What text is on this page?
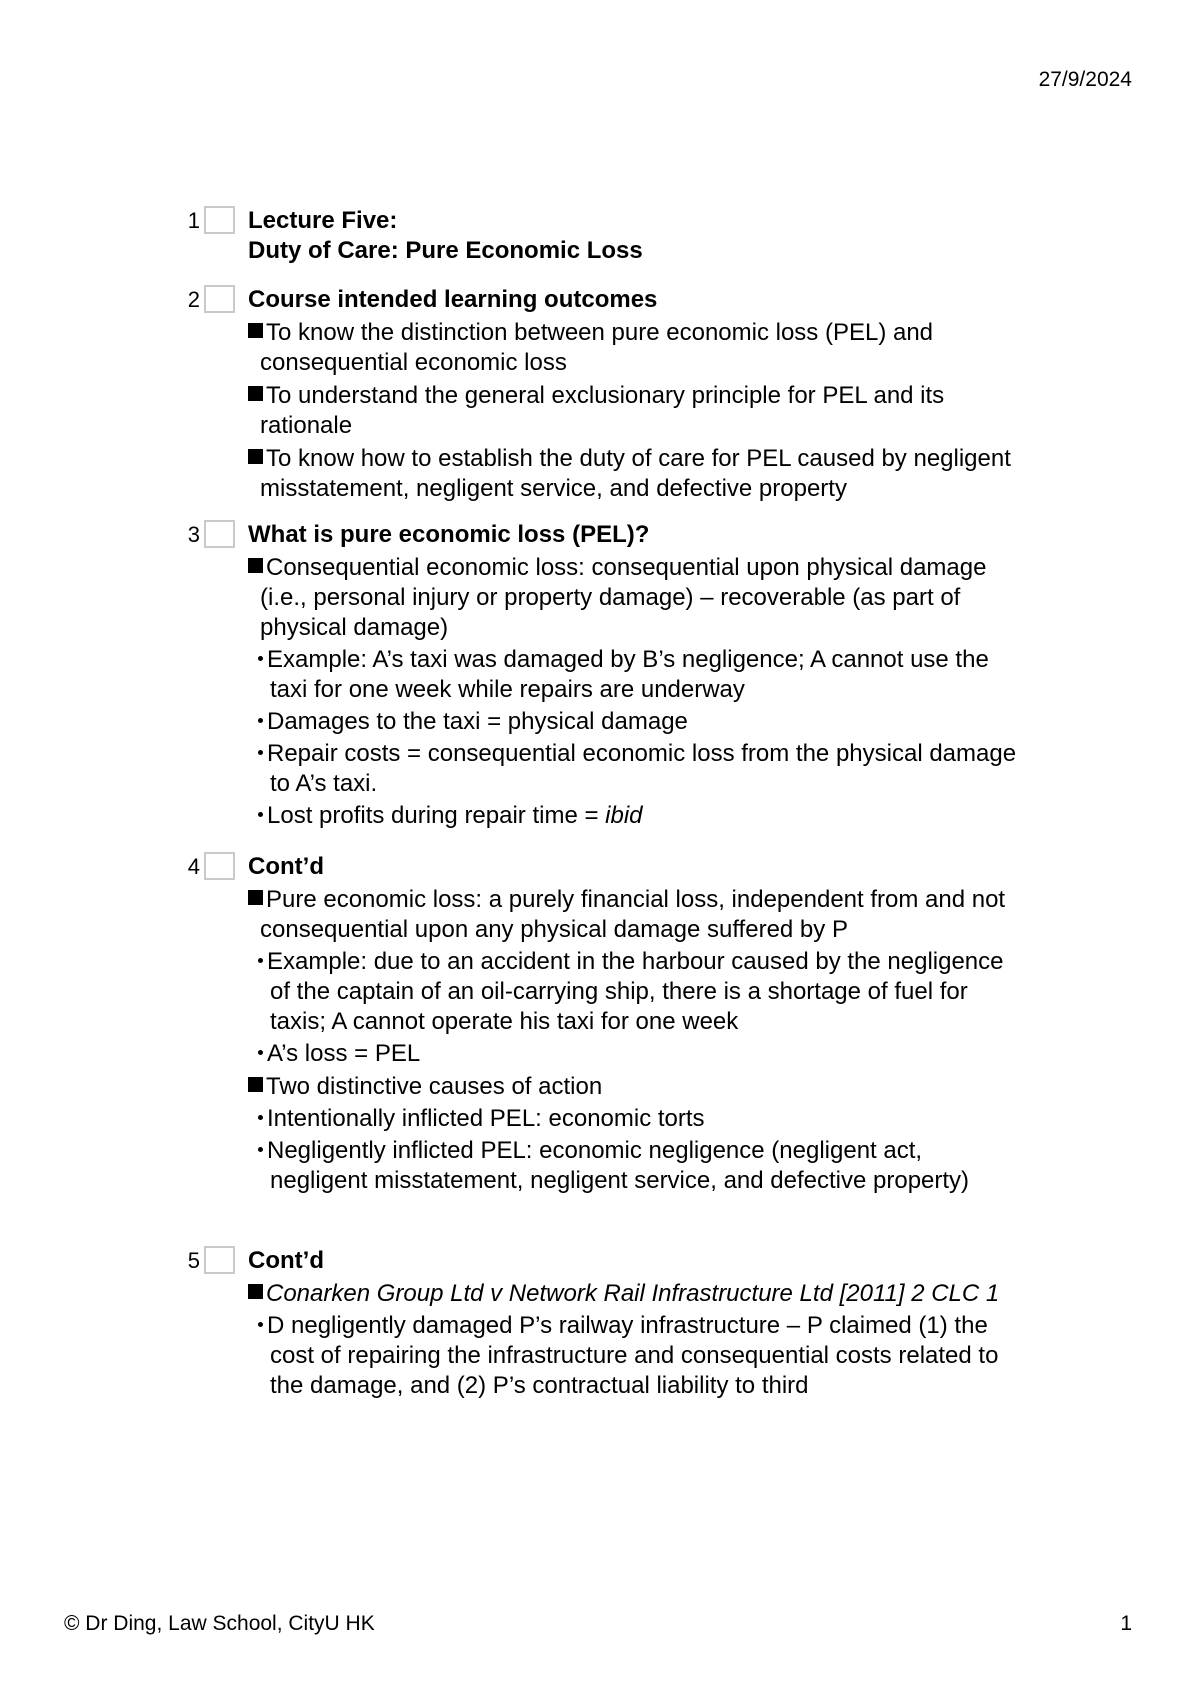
27/9/2024
1 Lecture Five:
Duty of Care: Pure Economic Loss
2 Course intended learning outcomes

To know the distinction between pure economic loss (PEL) and consequential economic loss

To understand the general exclusionary principle for PEL and its rationale

To know how to establish the duty of care for PEL caused by negligent misstatement, negligent service, and defective property

3 What is pure economic loss (PEL)?

Consequential economic loss: consequential upon physical damage (i.e., personal injury or property damage) – recoverable (as part of physical damage)

Example: A’s taxi was damaged by B’s negligence; A cannot use the taxi for one week while repairs are underway

Damages to the taxi = physical damage

Repair costs = consequential economic loss from the physical damage to A’s taxi.

Lost profits during repair time = ibid

4 Cont’d

Pure economic loss: a purely financial loss, independent from and not consequential upon any physical damage suffered by P

Example: due to an accident in the harbour caused by the negligence of the captain of an oil-carrying ship, there is a shortage of fuel for taxis; A cannot operate his taxi for one week

A’s loss = PEL

Two distinctive causes of action

Intentionally inflicted PEL: economic torts

Negligently inflicted PEL: economic negligence (negligent act, negligent misstatement, negligent service, and defective property)

5 Cont’d

Conarken Group Ltd v Network Rail Infrastructure Ltd [2011] 2 CLC 1

D negligently damaged P’s railway infrastructure – P claimed (1) the cost of repairing the infrastructure and consequential costs related to the damage, and (2) P’s contractual liability to third

© Dr Ding, Law School, CityU HK	1
